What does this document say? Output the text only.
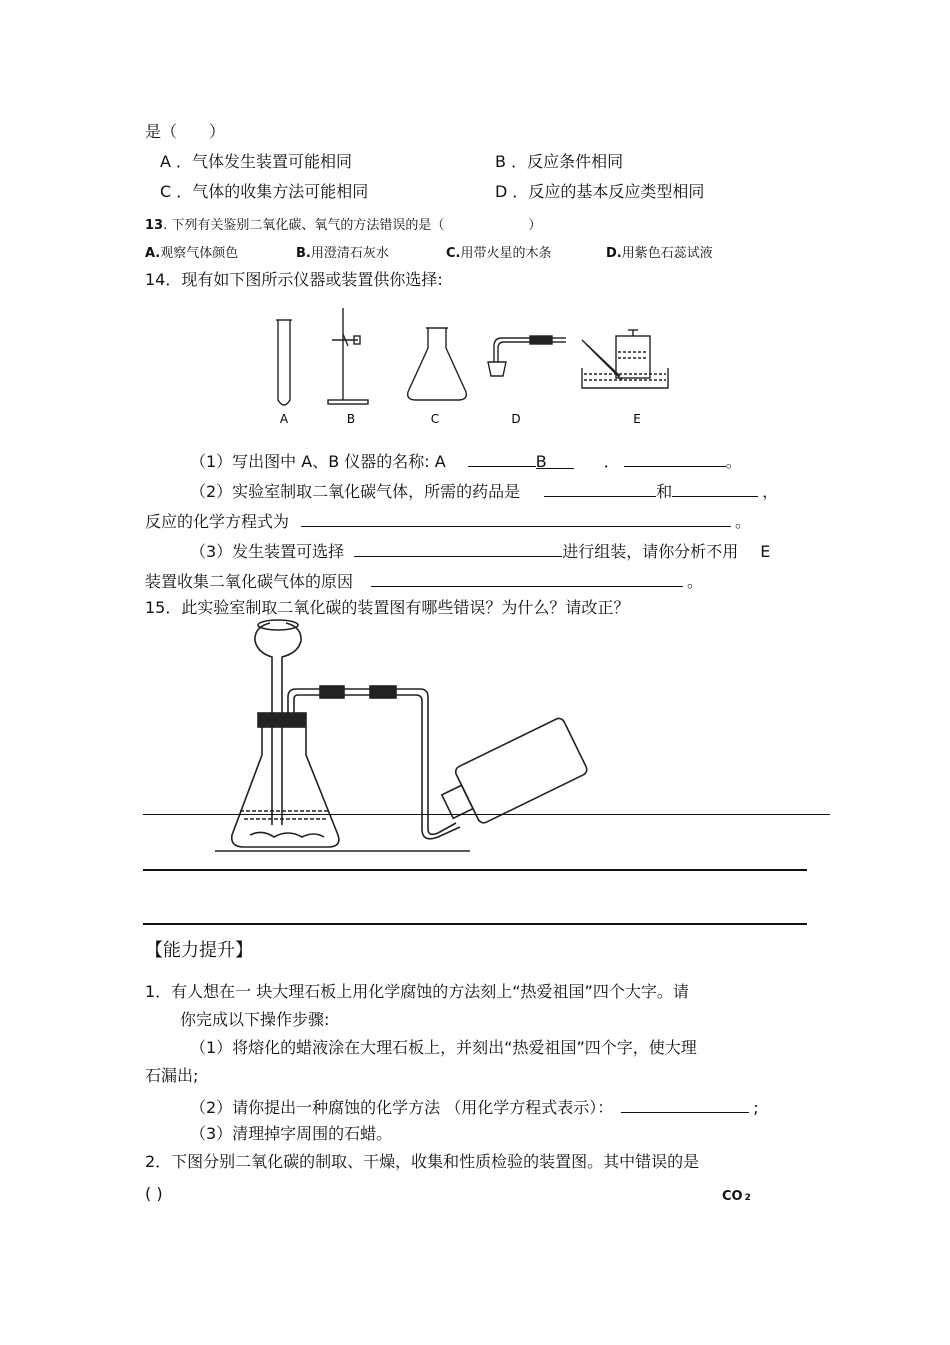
是（　　）
A ．气体发生装置可能相同	B ．反应条件相同
C ．气体的收集方法可能相同	D ．反应的基本反应类型相同
13. 下列有关鉴别二氧化碳、氧气的方法错误的是（	）
A.观察气体颜色	B.用澄清石灰水	C.用带火星的木条	D.用紫色石蕊试液
14．现有如下图所示仪器或装置供你选择:
A	B	C	D	E
（1）写出图中 A、B 仪器的名称: A	B	．	。
（2）实验室制取二氧化碳气体，所需的药品是	和	，
反应的化学方程式为	。
（3）发生装置可选择	进行组装，请你分析不用 E
装置收集二氧化碳气体的原因	。
15．此实验室制取二氧化碳的装置图有哪些错误？为什么？请改正？
【能力提升】
1．有人想在一 块大理石板上用化学腐蚀的方法刻上“热爱祖国”四个大字。请
你完成以下操作步骤:
（1）将熔化的蜡液涂在大理石板上，并刻出“热爱祖国”四个字，使大理
石漏出;
（2）请你提出一种腐蚀的化学方法 （用化学方程式表示）：	;
（3）清理掉字周围的石蜡。
2．下图分别二氧化碳的制取、干燥，收集和性质检验的装置图。其中错误的是
( )	CO 2
